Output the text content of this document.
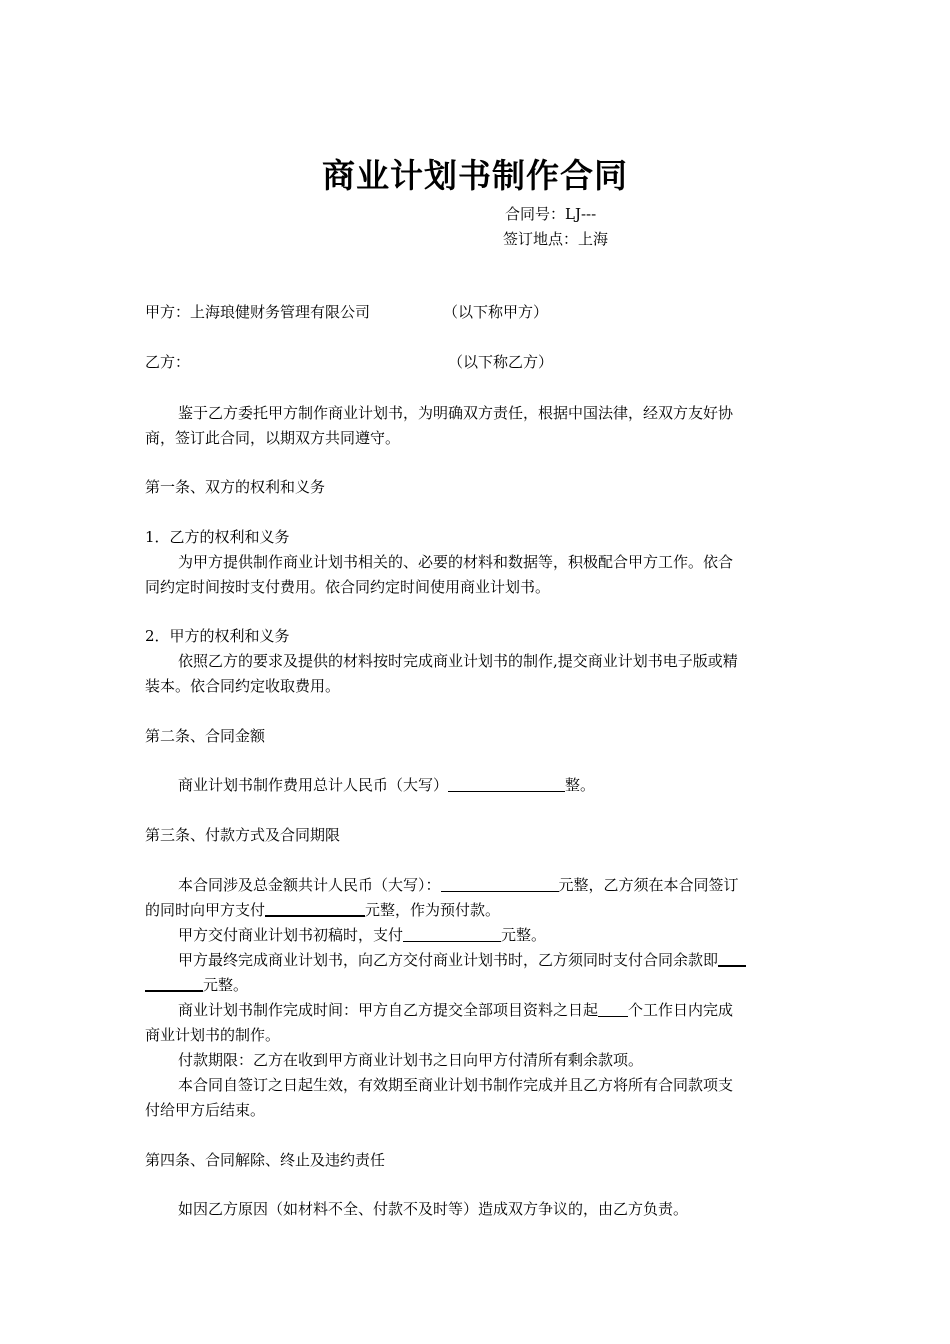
商业计划书制作合同
合同号：LJ---
签订地点：上海
甲方：上海琅健财务管理有限公司	（以下称甲方）
乙方：	（以下称乙方）
鉴于乙方委托甲方制作商业计划书，为明确双方责任，根据中国法律，经双方友好协
商，签订此合同，以期双方共同遵守。
第一条、双方的权利和义务
1．乙方的权利和义务
为甲方提供制作商业计划书相关的、必要的材料和数据等，积极配合甲方工作。依合
同约定时间按时支付费用。依合同约定时间使用商业计划书。
2．甲方的权利和义务
依照乙方的要求及提供的材料按时完成商业计划书的制作,提交商业计划书电子版或精
装本。依合同约定收取费用。
第二条、合同金额
商业计划书制作费用总计人民币（大写）	整。
第三条、付款方式及合同期限
本合同涉及总金额共计人民币（大写）：	元整，乙方须在本合同签订
的同时向甲方支付	元整，作为预付款。
甲方交付商业计划书初稿时，支付	元整。
甲方最终完成商业计划书，向乙方交付商业计划书时，乙方须同时支付合同余款即
元整。
商业计划书制作完成时间：甲方自乙方提交全部项目资料之日起 个工作日内完成
商业计划书的制作。
付款期限：乙方在收到甲方商业计划书之日向甲方付清所有剩余款项。
本合同自签订之日起生效，有效期至商业计划书制作完成并且乙方将所有合同款项支
付给甲方后结束。
第四条、合同解除、终止及违约责任
如因乙方原因（如材料不全、付款不及时等）造成双方争议的，由乙方负责。
